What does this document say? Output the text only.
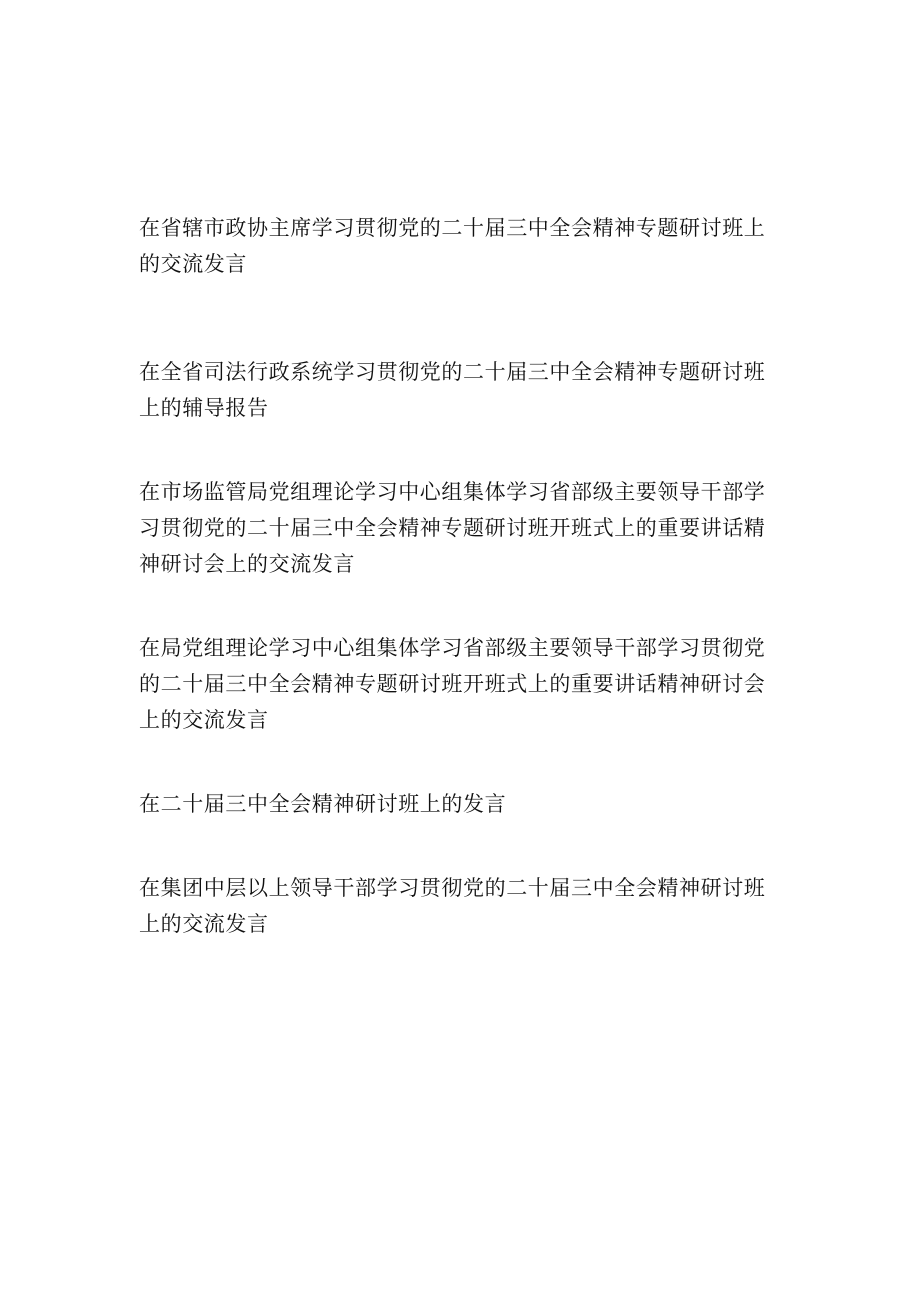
在省辖市政协主席学习贯彻党的二十届三中全会精神专题研讨班上的交流发言

在全省司法行政系统学习贯彻党的二十届三中全会精神专题研讨班上的辅导报告

在市场监管局党组理论学习中心组集体学习省部级主要领导干部学习贯彻党的二十届三中全会精神专题研讨班开班式上的重要讲话精神研讨会上的交流发言

在局党组理论学习中心组集体学习省部级主要领导干部学习贯彻党的二十届三中全会精神专题研讨班开班式上的重要讲话精神研讨会上的交流发言

在二十届三中全会精神研讨班上的发言

在集团中层以上领导干部学习贯彻党的二十届三中全会精神研讨班上的交流发言
